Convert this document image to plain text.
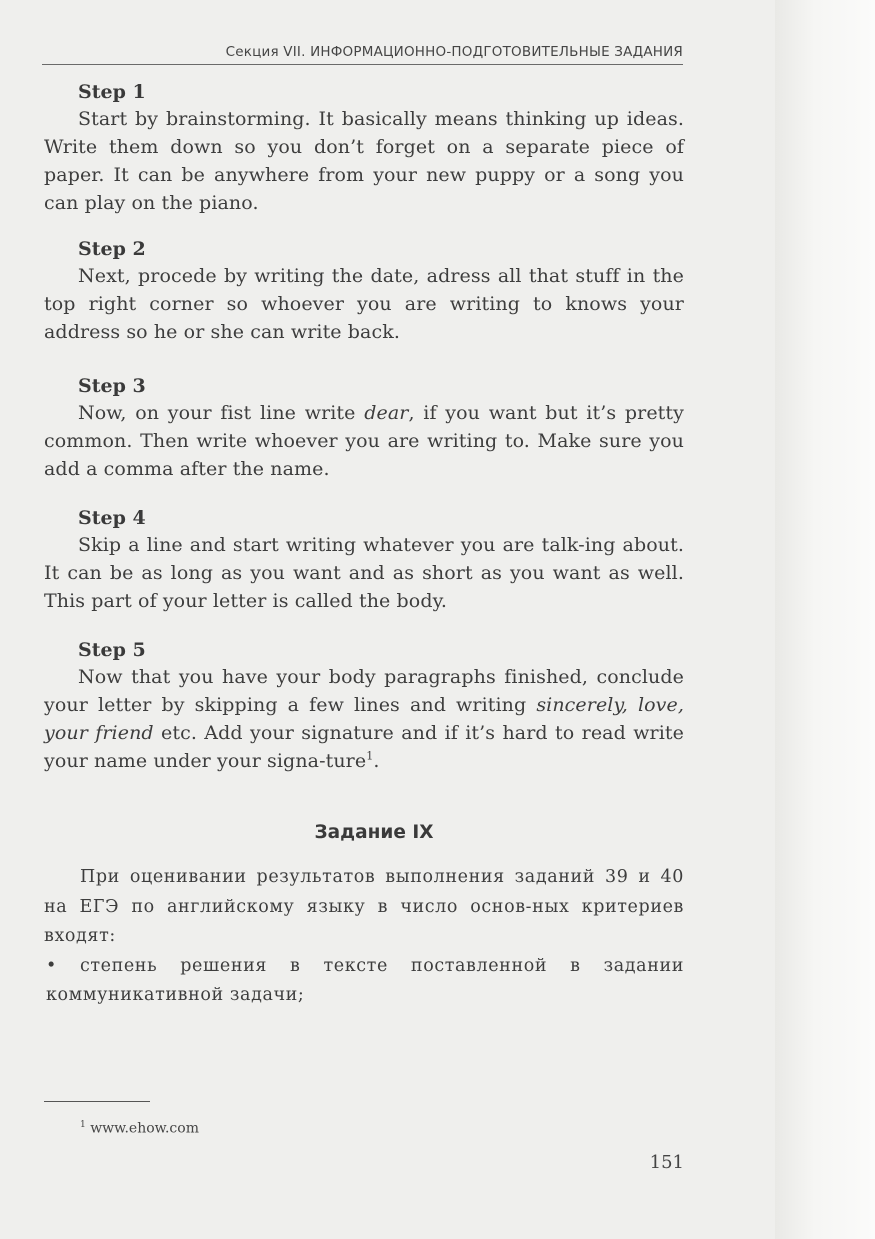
Секция VII. ИНФОРМАЦИОННО-ПОДГОТОВИТЕЛЬНЫЕ ЗАДАНИЯ

Step 1

Start by brainstorming. It basically means thinking up ideas. Write them down so you don’t forget on a separate piece of paper. It can be anywhere from your new puppy or a song you can play on the piano.

Step 2

Next, procede by writing the date, adress all that stuff in the top right corner so whoever you are writing to knows your address so he or she can write back.

Step 3

Now, on your fist line write dear, if you want but it’s pretty common. Then write whoever you are writing to. Make sure you add a comma after the name.

Step 4

Skip a line and start writing whatever you are talk-ing about. It can be as long as you want and as short as you want as well. This part of your letter is called the body.

Step 5

Now that you have your body paragraphs finished, conclude your letter by skipping a few lines and writing sincerely, love, your friend etc. Add your signature and if it’s hard to read write your name under your signa-ture$^1$.

Задание IX

При оценивании результатов выполнения заданий 39 и 40 на ЕГЭ по английскому языку в число основ-ных критериев входят:

• степень решения в тексте поставленной в задании коммуникативной задачи;

$^1$ www.ehow.com
151
